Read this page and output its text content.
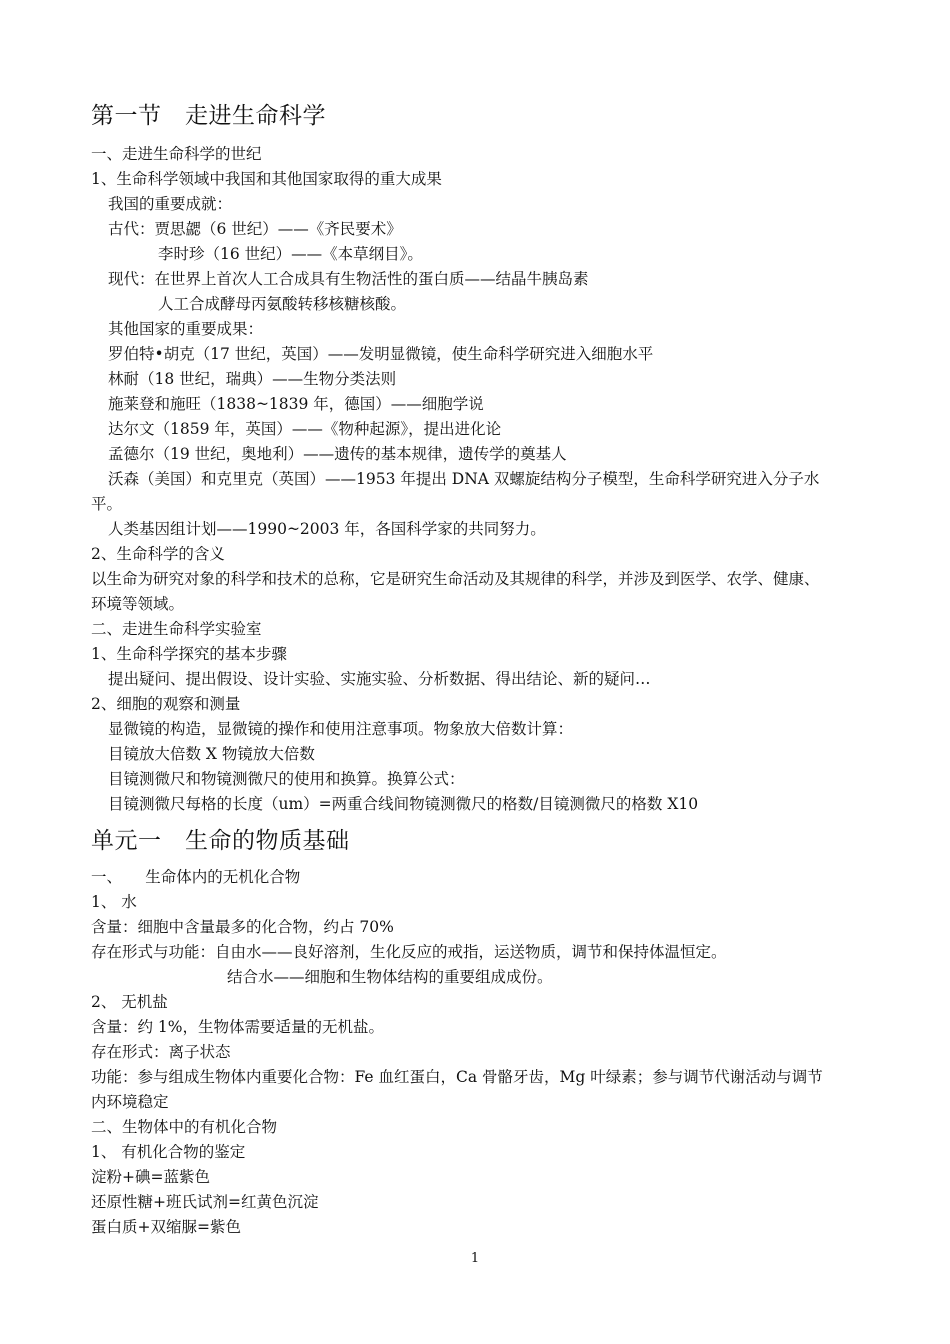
第一节　走进生命科学
一、走进生命科学的世纪
1、生命科学领域中我国和其他国家取得的重大成果
我国的重要成就：
古代：贾思勰（6 世纪）——《齐民要术》
李时珍（16 世纪）——《本草纲目》。
现代：在世界上首次人工合成具有生物活性的蛋白质——结晶牛胰岛素
人工合成酵母丙氨酸转移核糖核酸。
其他国家的重要成果：
罗伯特•胡克（17 世纪，英国）——发明显微镜，使生命科学研究进入细胞水平
林耐（18 世纪，瑞典）——生物分类法则
施莱登和施旺（1838~1839 年，德国）——细胞学说
达尔文（1859 年，英国）——《物种起源》，提出进化论
孟德尔（19 世纪，奥地利）——遗传的基本规律，遗传学的奠基人
沃森（美国）和克里克（英国）——1953 年提出 DNA 双螺旋结构分子模型，生命科学研究进入分子水
平。
人类基因组计划——1990~2003 年，各国科学家的共同努力。
2、生命科学的含义
以生命为研究对象的科学和技术的总称，它是研究生命活动及其规律的科学，并涉及到医学、农学、健康、
环境等领域。
二、走进生命科学实验室
1、生命科学探究的基本步骤
提出疑问、提出假设、设计实验、实施实验、分析数据、得出结论、新的疑问…
2、细胞的观察和测量
显微镜的构造，显微镜的操作和使用注意事项。物象放大倍数计算：
目镜放大倍数 X 物镜放大倍数
目镜测微尺和物镜测微尺的使用和换算。换算公式：
目镜测微尺每格的长度（um）=两重合线间物镜测微尺的格数/目镜测微尺的格数 X10
单元一　生命的物质基础
一、　　生命体内的无机化合物
1、 水
含量：细胞中含量最多的化合物，约占 70%
存在形式与功能：自由水——良好溶剂，生化反应的戒指，运送物质，调节和保持体温恒定。
结合水——细胞和生物体结构的重要组成成份。
2、 无机盐
含量：约 1%，生物体需要适量的无机盐。
存在形式：离子状态
功能：参与组成生物体内重要化合物：Fe 血红蛋白，Ca 骨骼牙齿，Mg 叶绿素；参与调节代谢活动与调节
内环境稳定
二、生物体中的有机化合物
1、 有机化合物的鉴定
淀粉+碘=蓝紫色
还原性糖+班氏试剂=红黄色沉淀
蛋白质+双缩脲=紫色
1
